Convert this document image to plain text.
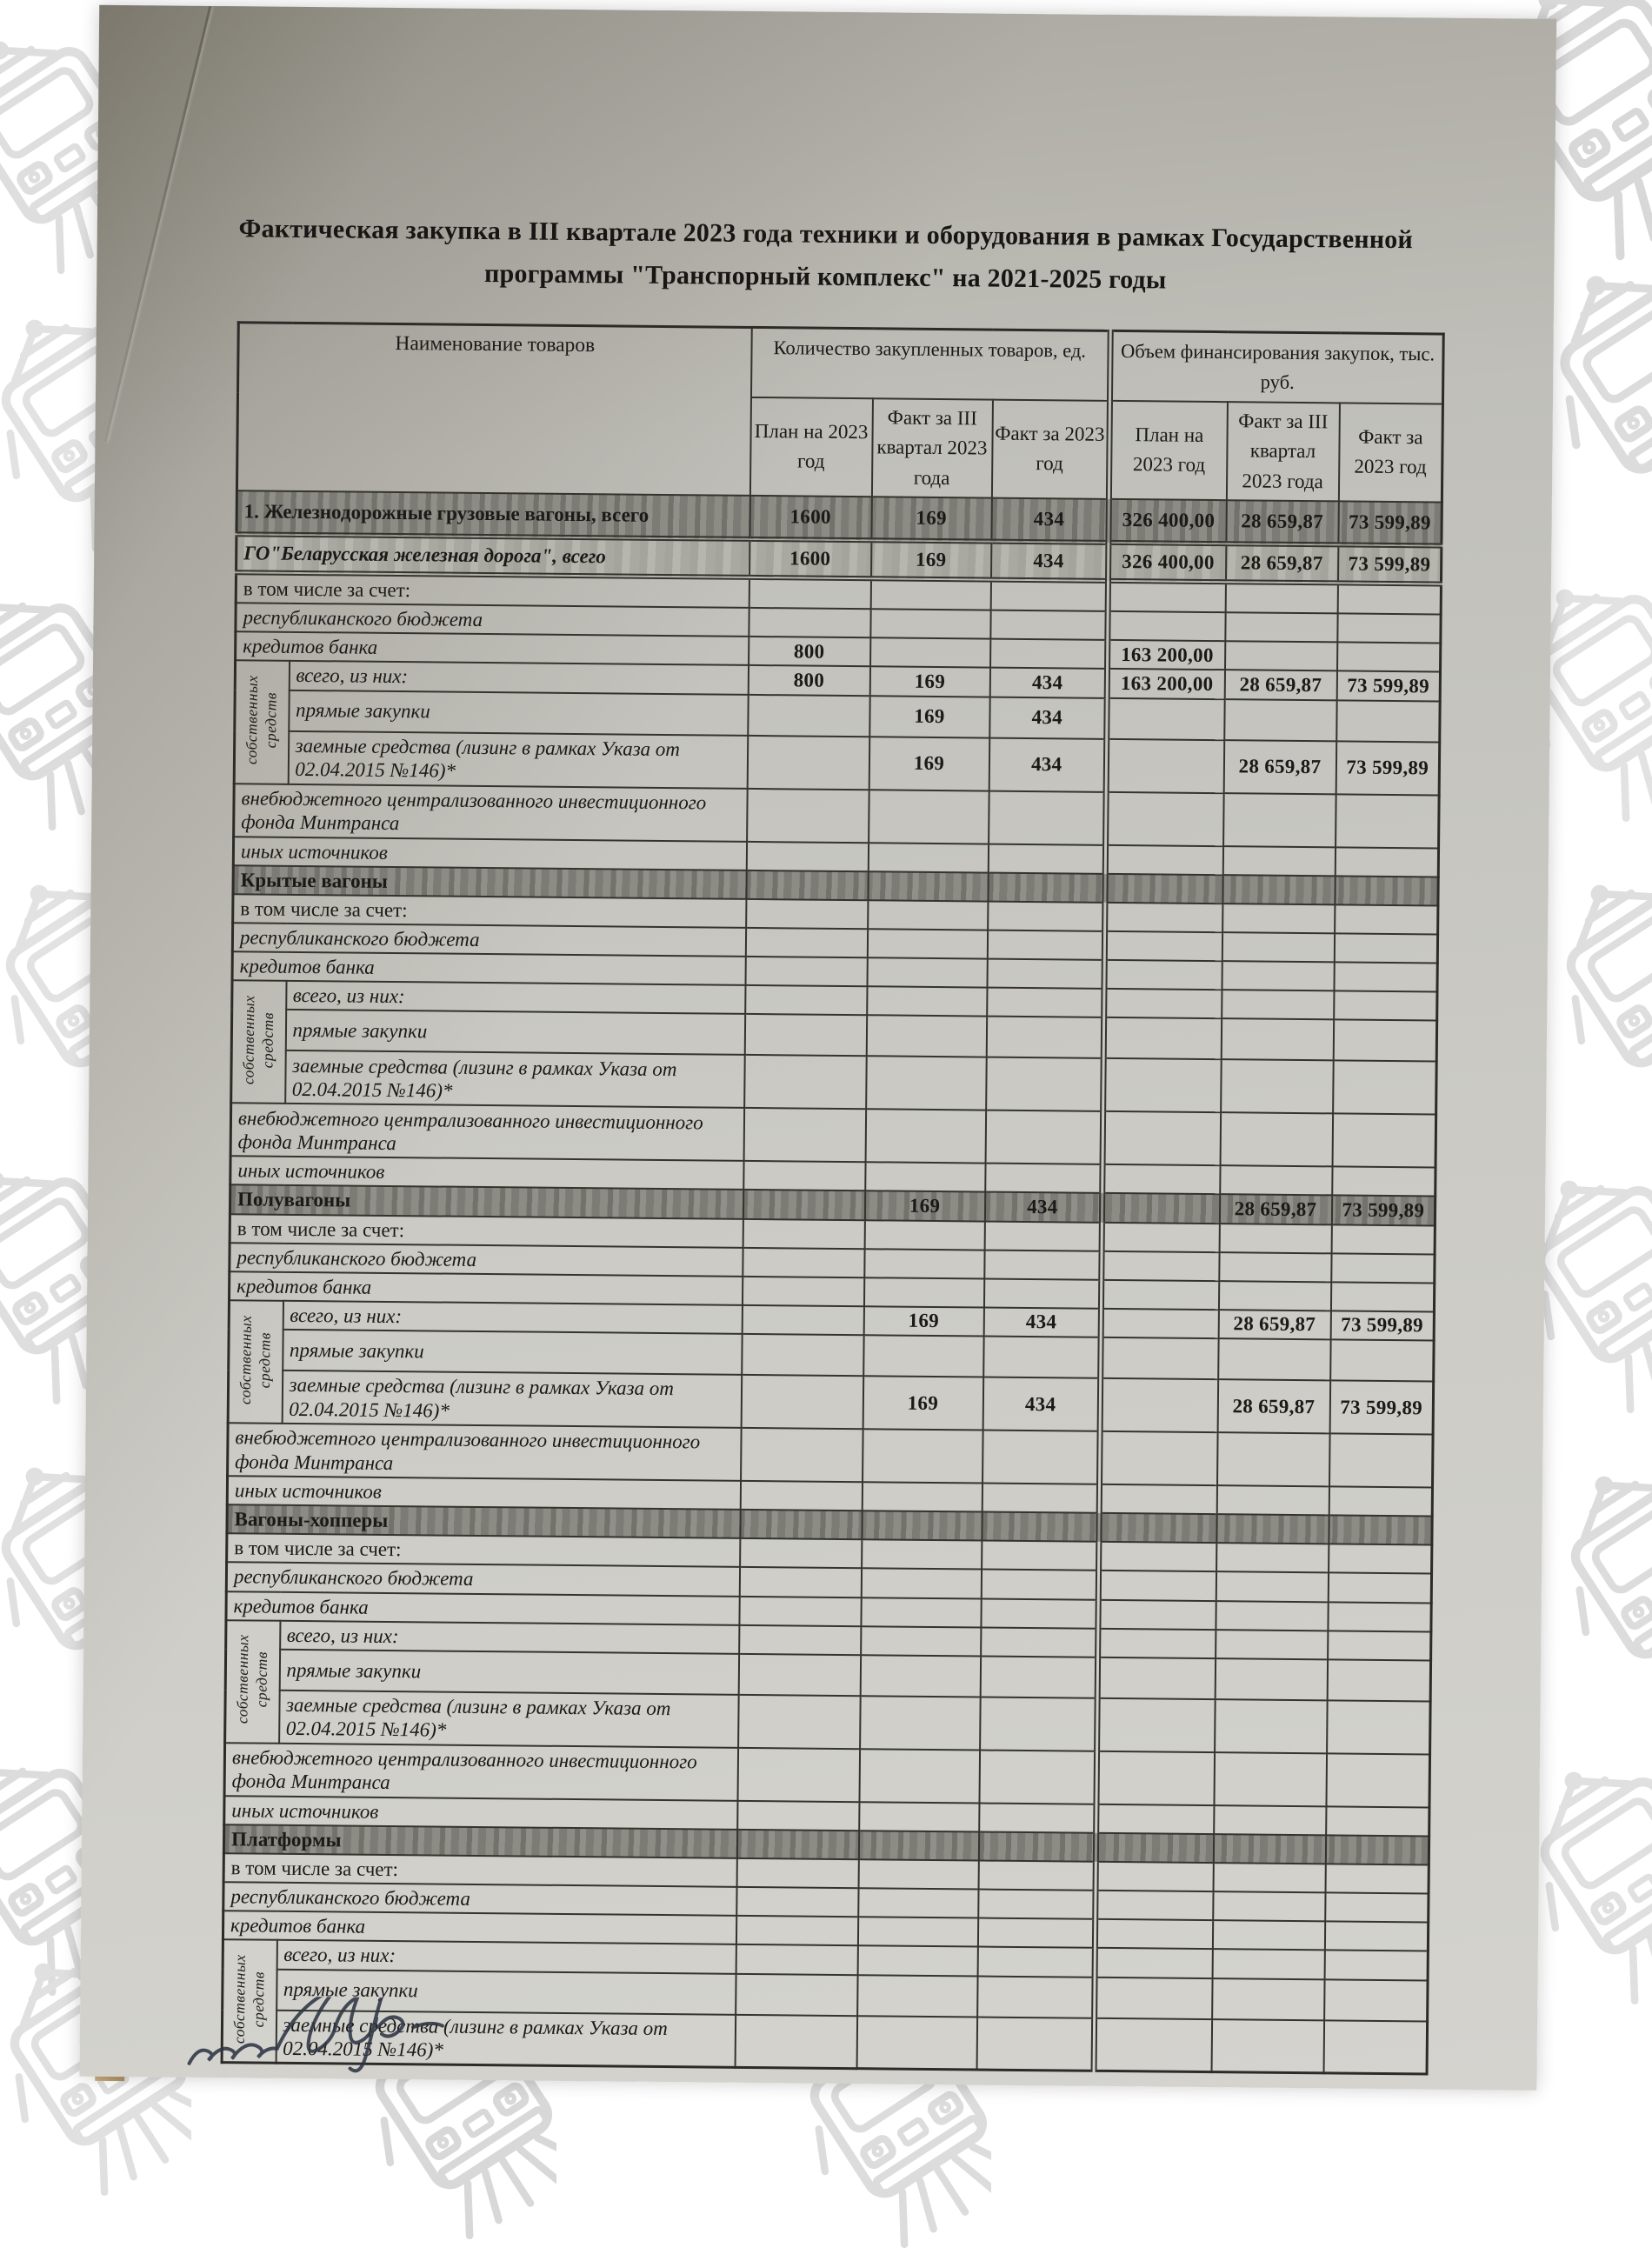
Фактическая закупка в III квартале 2023 года техники и оборудования в рамках Государственной
программы "Транспорный комплекс" на 2021-2025 годы
Наименование товаров		Количество закупленных товаров, ед.			Объем финансирования закупок, тыс. руб.		
		План на 2023 год	Факт за III квартал 2023 года	Факт за 2023 год	План на 2023 год	Факт за III квартал 2023 года	Факт за 2023 год
1. Железнодорожные грузовые вагоны, всего		1600	169	434	326 400,00	28 659,87	73 599,89
ГО"Беларусская железная дорога", всего		1600	169	434	326 400,00	28 659,87	73 599,89
в том числе за счет:							
республиканского бюджета							
кредитов банка		800			163 200,00		
собственных
средств	всего, из них:	800	169	434	163 200,00	28 659,87	73 599,89
	прямые закупки		169	434			
	заемные средства (лизинг в рамках Указа от 02.04.2015 №146)*		169	434		28 659,87	73 599,89
внебюджетного централизованного инвестиционного фонда Минтранса							
иных источников							
Крытые вагоны							
в том числе за счет:							
республиканского бюджета							
кредитов банка							
собственных
средств	всего, из них:						
	прямые закупки						
	заемные средства (лизинг в рамках Указа от 02.04.2015 №146)*						
внебюджетного централизованного инвестиционного фонда Минтранса							
иных источников							
Полувагоны			169	434		28 659,87	73 599,89
в том числе за счет:							
республиканского бюджета							
кредитов банка							
собственных
средств	всего, из них:		169	434		28 659,87	73 599,89
	прямые закупки						
	заемные средства (лизинг в рамках Указа от 02.04.2015 №146)*		169	434		28 659,87	73 599,89
внебюджетного централизованного инвестиционного фонда Минтранса							
иных источников							
Вагоны-хопперы							
в том числе за счет:							
республиканского бюджета							
кредитов банка							
собственных
средств	всего, из них:						
	прямые закупки						
	заемные средства (лизинг в рамках Указа от 02.04.2015 №146)*						
внебюджетного централизованного инвестиционного фонда Минтранса							
иных источников							
Платформы							
в том числе за счет:							
республиканского бюджета							
кредитов банка							
собственных
средств	всего, из них:						
	прямые закупки						
	заемные средства (лизинг в рамках Указа от 02.04.2015 №146)*						
